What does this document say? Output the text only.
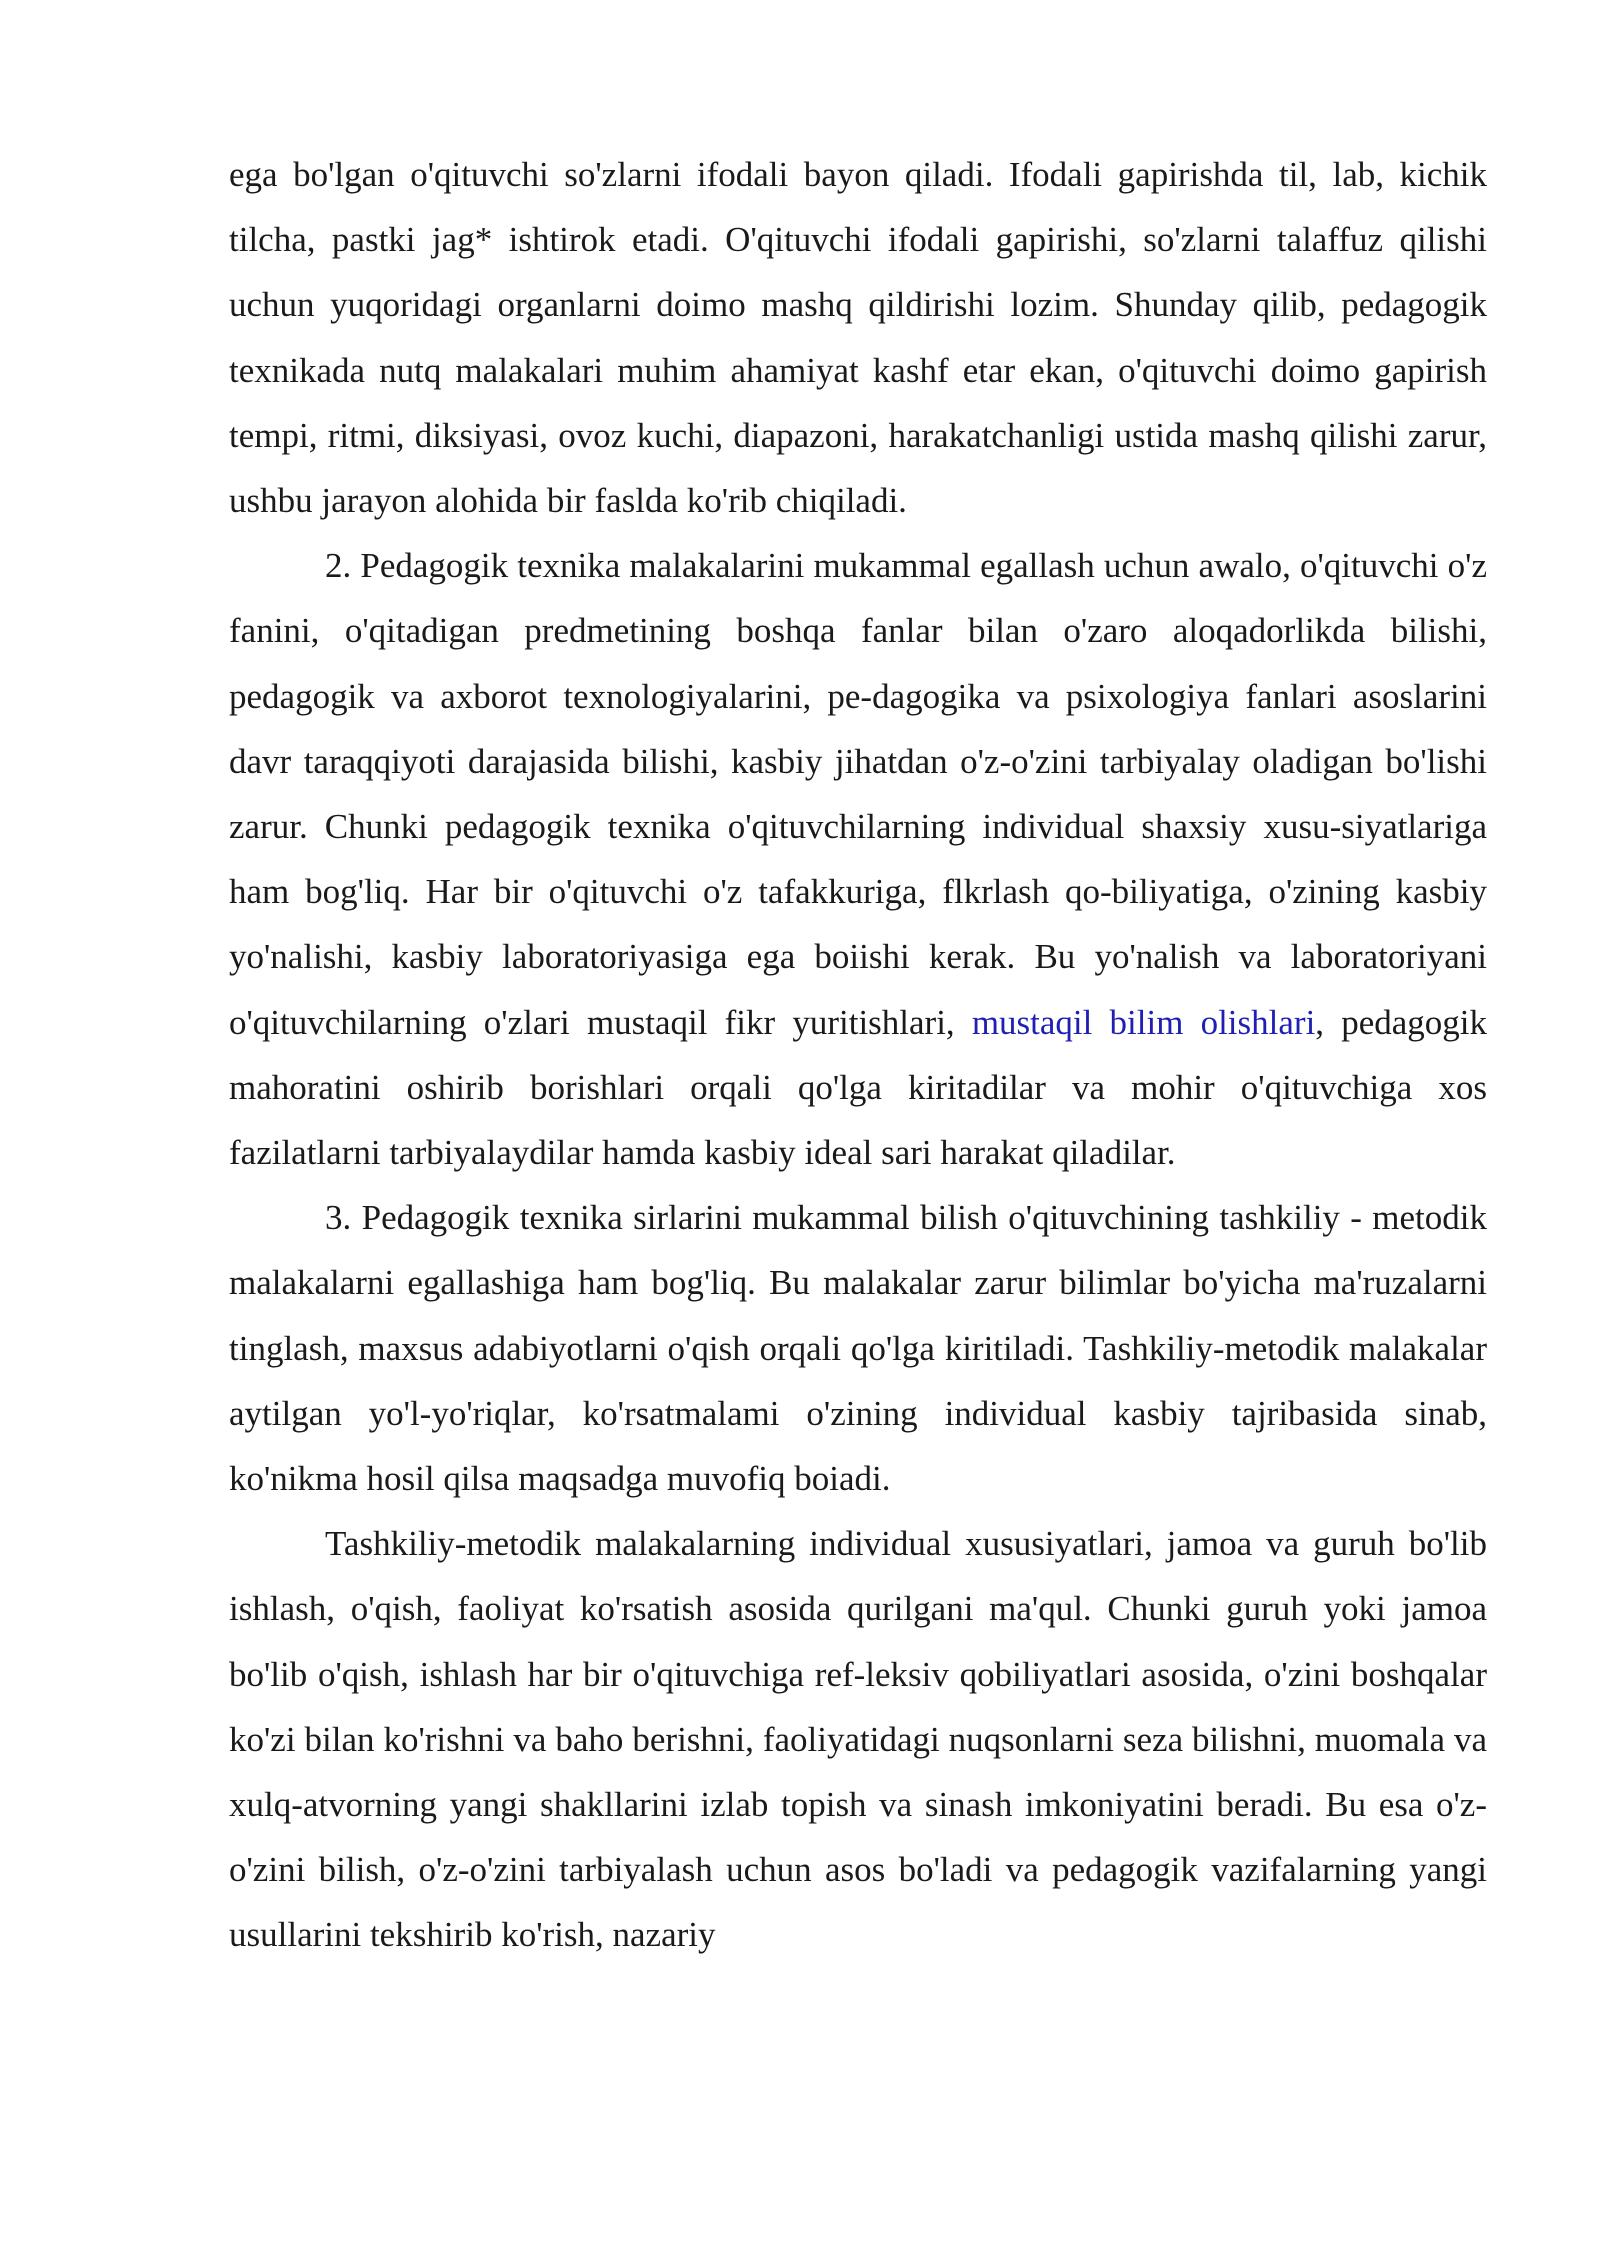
ega bo'lgan o'qituvchi so'zlarni ifodali bayon qiladi. Ifodali gapirishda til, lab, kichik tilcha, pastki jag* ishtirok etadi. O'qituvchi ifodali gapirishi, so'zlarni talaffuz qilishi uchun yuqoridagi organlarni doimo mashq qildirishi lozim. Shunday qilib, pedagogik texnikada nutq malakalari muhim ahamiyat kashf etar ekan, o'qituvchi doimo gapirish tempi, ritmi, diksiyasi, ovoz kuchi, diapazoni, harakatchanligi ustida mashq qilishi zarur, ushbu jarayon alohida bir faslda ko'rib chiqiladi.

2. Pedagogik texnika malakalarini mukammal egallash uchun awalo, o'qituvchi o'z fanini, o'qitadigan predmetining boshqa fanlar bilan o'zaro aloqadorlikda bilishi, pedagogik va axborot texnologiyalarini, pe-dagogika va psixologiya fanlari asoslarini davr taraqqiyoti darajasida bilishi, kasbiy jihatdan o'z-o'zini tarbiyalay oladigan bo'lishi zarur. Chunki pedagogik texnika o'qituvchilarning individual shaxsiy xusu-siyatlariga ham bog'liq. Har bir o'qituvchi o'z tafakkuriga, flkrlash qo-biliyatiga, o'zining kasbiy yo'nalishi, kasbiy laboratoriyasiga ega boiishi kerak. Bu yo'nalish va laboratoriyani o'qituvchilarning o'zlari mustaqil fikr yuritishlari, mustaqil bilim olishlari, pedagogik mahoratini oshirib borishlari orqali qo'lga kiritadilar va mohir o'qituvchiga xos fazilatlarni tarbiyalaydilar hamda kasbiy ideal sari harakat qiladilar.

3. Pedagogik texnika sirlarini mukammal bilish o'qituvchining tashkiliy - metodik malakalarni egallashiga ham bog'liq. Bu malakalar zarur bilimlar bo'yicha ma'ruzalarni tinglash, maxsus adabiyotlarni o'qish orqali qo'lga kiritiladi. Tashkiliy-metodik malakalar aytilgan yo'l-yo'riqlar, ko'rsatmalami o'zining individual kasbiy tajribasida sinab, ko'nikma hosil qilsa maqsadga muvofiq boiadi.

Tashkiliy-metodik malakalarning individual xususiyatlari, jamoa va guruh bo'lib ishlash, o'qish, faoliyat ko'rsatish asosida qurilgani ma'qul. Chunki guruh yoki jamoa bo'lib o'qish, ishlash har bir o'qituvchiga ref-leksiv qobiliyatlari asosida, o'zini boshqalar ko'zi bilan ko'rishni va baho berishni, faoliyatidagi nuqsonlarni seza bilishni, muomala va xulq-atvorning yangi shakllarini izlab topish va sinash imkoniyatini beradi. Bu esa o'z-o'zini bilish, o'z-o'zini tarbiyalash uchun asos bo'ladi va pedagogik vazifalarning yangi usullarini tekshirib ko'rish, nazariy
